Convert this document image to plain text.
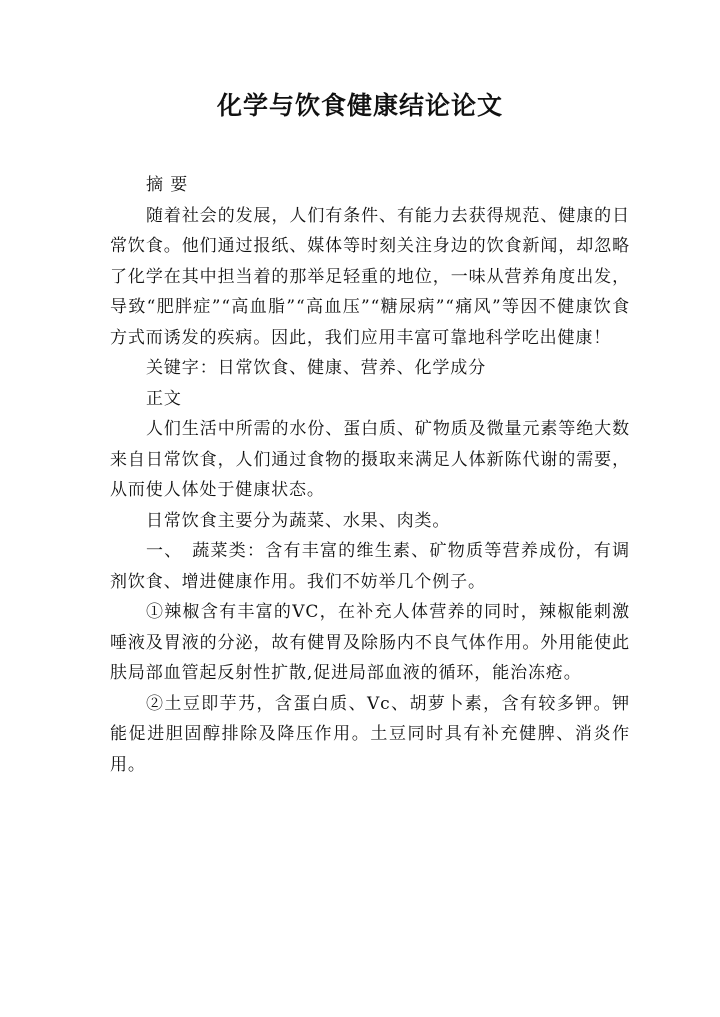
化学与饮食健康结论论文

摘 要

随着社会的发展，人们有条件、有能力去获得规范、健康的日常饮食。他们通过报纸、媒体等时刻关注身边的饮食新闻，却忽略了化学在其中担当着的那举足轻重的地位，一味从营养角度出发，导致“肥胖症”“高血脂”“高血压”“糖尿病”“痛风”等因不健康饮食方式而诱发的疾病。因此，我们应用丰富可靠地科学吃出健康！

关键字：日常饮食、健康、营养、化学成分

正文

人们生活中所需的水份、蛋白质、矿物质及微量元素等绝大数来自日常饮食，人们通过食物的摄取来满足人体新陈代谢的需要，从而使人体处于健康状态。

日常饮食主要分为蔬菜、水果、肉类。

一、　蔬菜类：含有丰富的维生素、矿物质等营养成份，有调剂饮食、增进健康作用。我们不妨举几个例子。

①辣椒含有丰富的VC，在补充人体营养的同时，辣椒能刺激唾液及胃液的分泌，故有健胃及除肠内不良气体作用。外用能使此肤局部血管起反射性扩散,促进局部血液的循环，能治冻疮。

②土豆即芋艿，含蛋白质、Vc、胡萝卜素，含有较多钾。钾能促进胆固醇排除及降压作用。土豆同时具有补充健脾、消炎作用。
